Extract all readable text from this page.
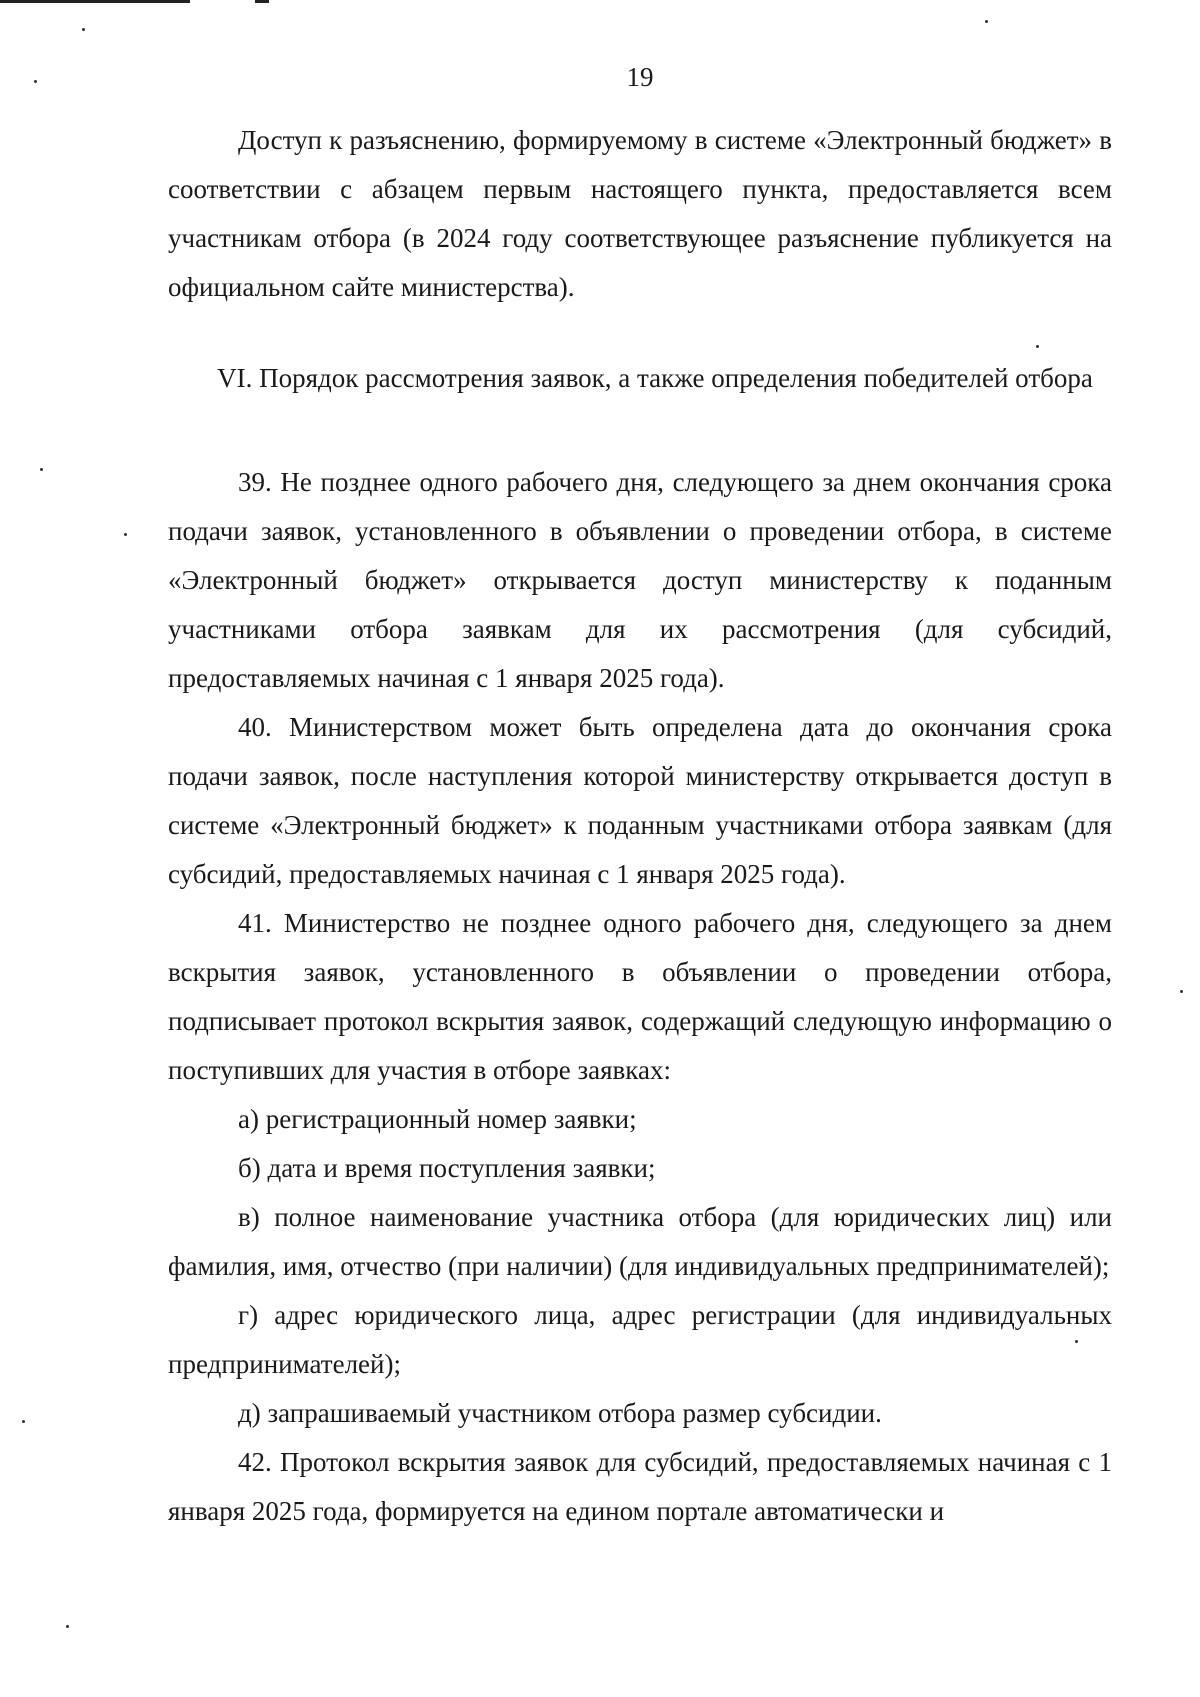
19

Доступ к разъяснению, формируемому в системе «Электронный бюджет» в соответствии с абзацем первым настоящего пункта, предоставляется всем участникам отбора (в 2024 году соответствующее разъяснение публикуется на официальном сайте министерства).

VI. Порядок рассмотрения заявок, а также определения победителей отбора

39. Не позднее одного рабочего дня, следующего за днем окончания срока подачи заявок, установленного в объявлении о проведении отбора, в системе «Электронный бюджет» открывается доступ министерству к поданным участниками отбора заявкам для их рассмотрения (для субсидий, предоставляемых начиная с 1 января 2025 года).

40. Министерством может быть определена дата до окончания срока подачи заявок, после наступления которой министерству открывается доступ в системе «Электронный бюджет» к поданным участниками отбора заявкам (для субсидий, предоставляемых начиная с 1 января 2025 года).

41. Министерство не позднее одного рабочего дня, следующего за днем вскрытия заявок, установленного в объявлении о проведении отбора, подписывает протокол вскрытия заявок, содержащий следующую информацию о поступивших для участия в отборе заявках:

а) регистрационный номер заявки;

б) дата и время поступления заявки;

в) полное наименование участника отбора (для юридических лиц) или фамилия, имя, отчество (при наличии) (для индивидуальных предпринимателей);

г) адрес юридического лица, адрес регистрации (для индивидуальных предпринимателей);

д) запрашиваемый участником отбора размер субсидии.

42. Протокол вскрытия заявок для субсидий, предоставляемых начиная с 1 января 2025 года, формируется на едином портале автоматически и
